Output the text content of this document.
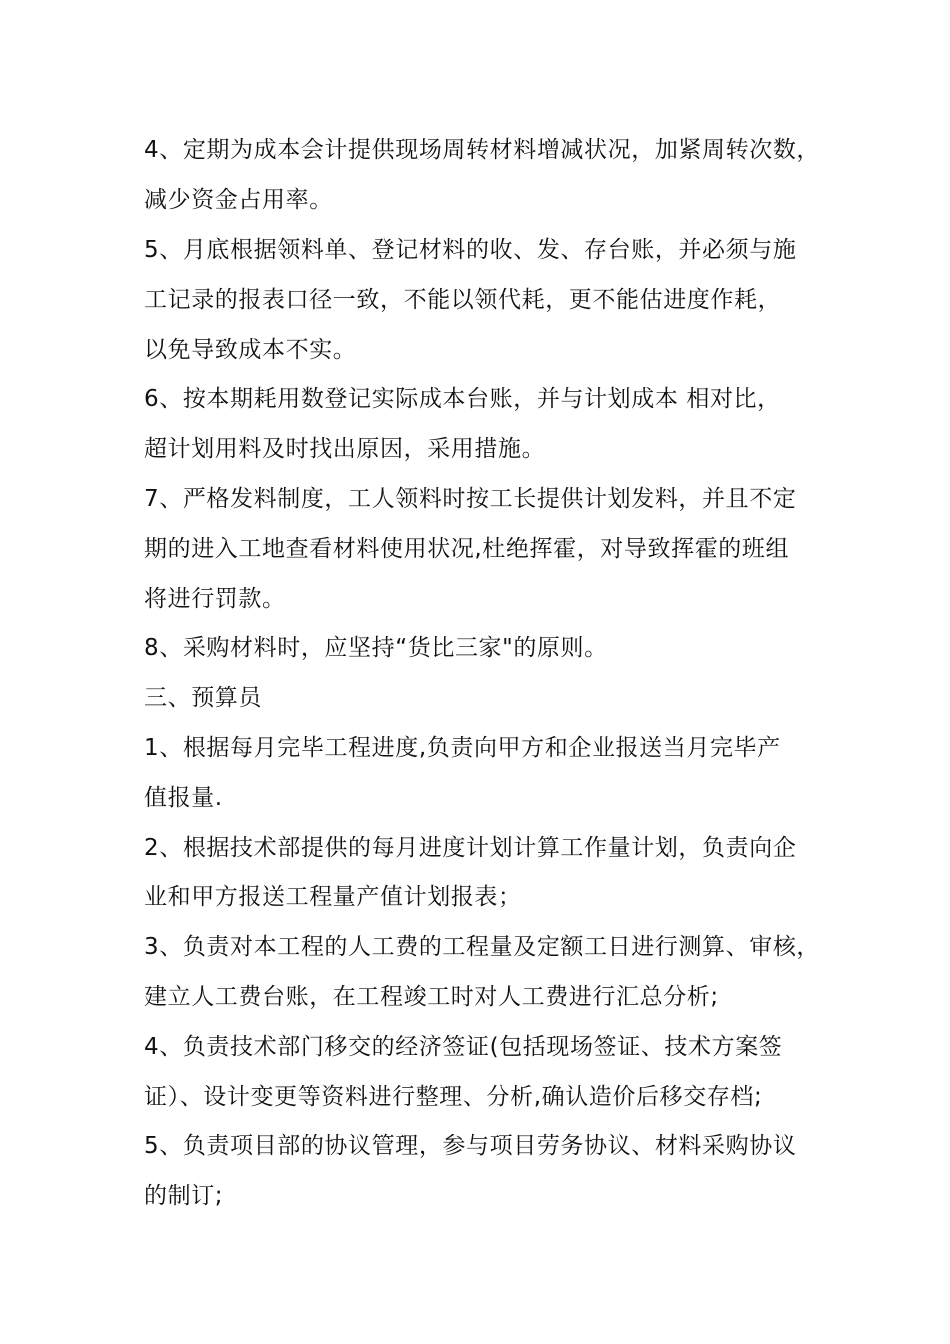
4、定期为成本会计提供现场周转材料增减状况，加紧周转次数，
减少资金占用率。
5、月底根据领料单、登记材料的收、发、存台账，并必须与施
工记录的报表口径一致，不能以领代耗，更不能估进度作耗，
以免导致成本不实。
6、按本期耗用数登记实际成本台账，并与计划成本 相对比，
超计划用料及时找出原因，采用措施。
7、严格发料制度，工人领料时按工长提供计划发料，并且不定
期的进入工地查看材料使用状况,杜绝挥霍，对导致挥霍的班组
将进行罚款。
8、采购材料时，应坚持“货比三家"的原则。
三、预算员
1、根据每月完毕工程进度,负责向甲方和企业报送当月完毕产
值报量.
2、根据技术部提供的每月进度计划计算工作量计划，负责向企
业和甲方报送工程量产值计划报表；
3、负责对本工程的人工费的工程量及定额工日进行测算、审核，
建立人工费台账，在工程竣工时对人工费进行汇总分析;
4、负责技术部门移交的经济签证(包括现场签证、技术方案签
证）、设计变更等资料进行整理、分析,确认造价后移交存档;
5、负责项目部的协议管理，参与项目劳务协议、材料采购协议
的制订;
